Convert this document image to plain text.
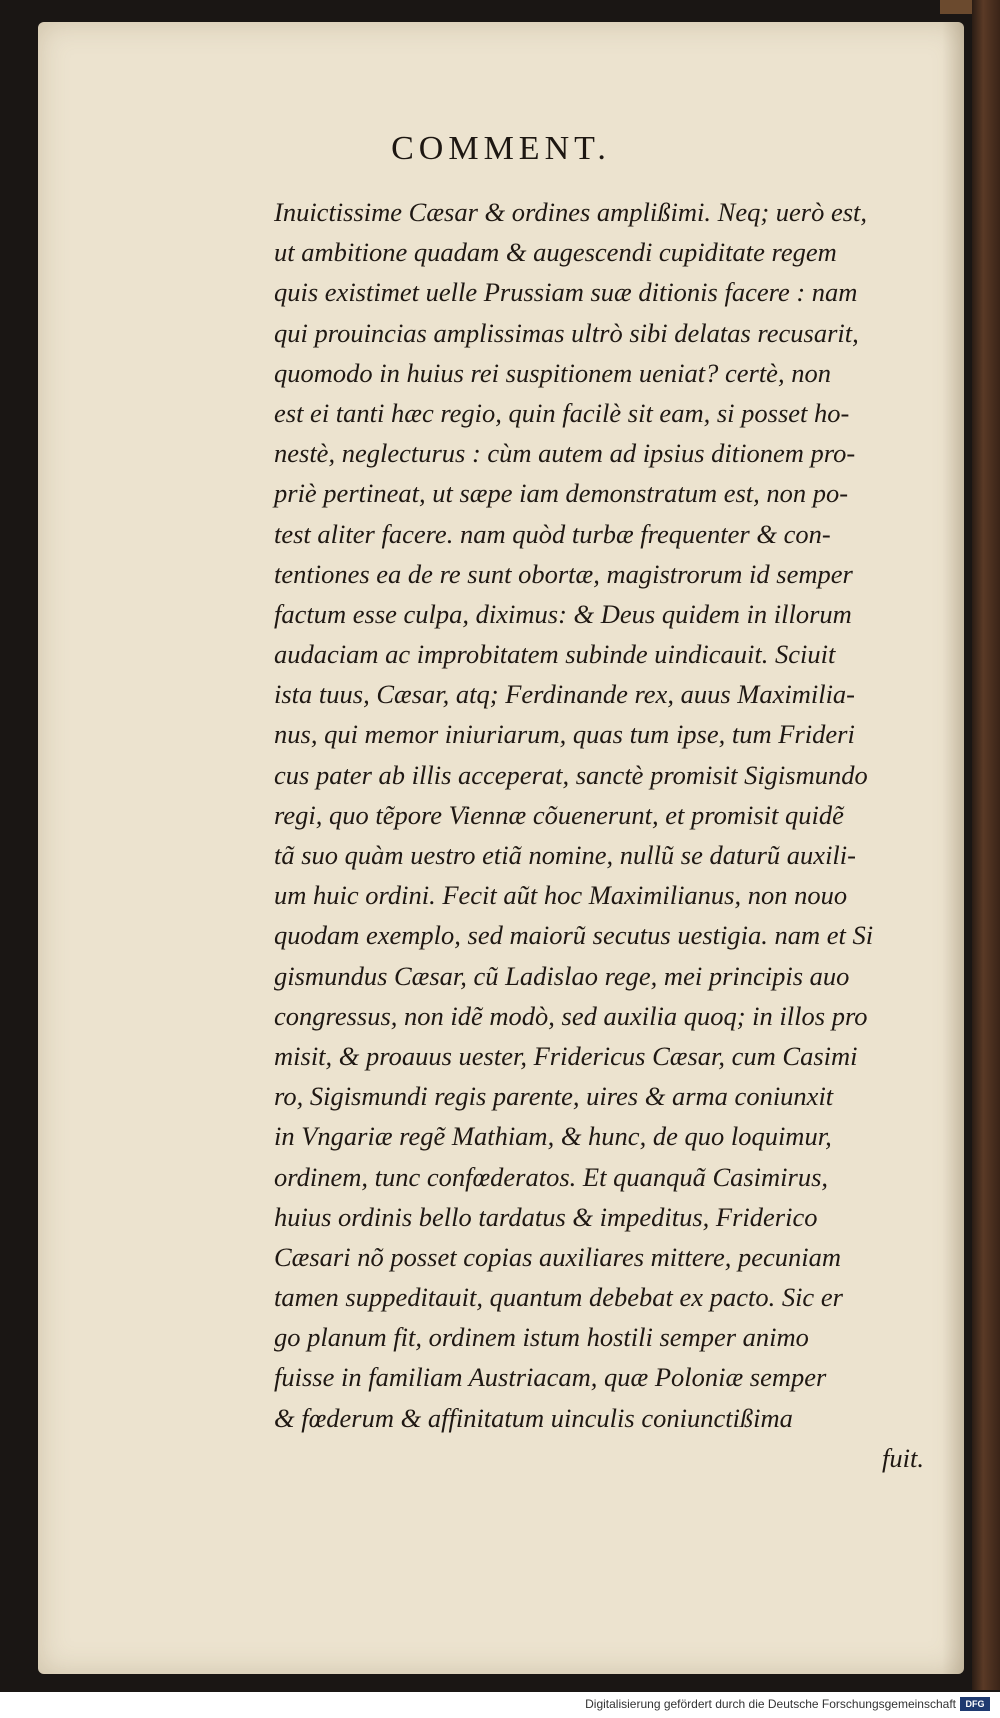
COMMENT.
Inuictissime Cæsar & ordines amplißimi. Neq; uerò est,
ut ambitione quadam & augescendi cupiditate regem
quis existimet uelle Prussiam suæ ditionis facere : nam
qui prouincias amplissimas ultrò sibi delatas recusarit,
quomodo in huius rei suspitionem ueniat? certè, non
est ei tanti hæc regio, quin facilè sit eam, si posset ho-
nestè, neglecturus : cùm autem ad ipsius ditionem pro-
priè pertineat, ut sæpe iam demonstratum est, non po-
test aliter facere. nam quòd turbæ frequenter & con-
tentiones ea de re sunt obortæ, magistrorum id semper
factum esse culpa, diximus: & Deus quidem in illorum
audaciam ac improbitatem subinde uindicauit. Sciuit
ista tuus, Cæsar, atq; Ferdinande rex, auus Maximilia-
nus, qui memor iniuriarum, quas tum ipse, tum Frideri
cus pater ab illis acceperat, sanctè promisit Sigismundo
regi, quo tẽpore Viennæ cõuenerunt, et promisit quidẽ
tã suo quàm uestro etiã nomine, nullũ se daturũ auxili-
um huic ordini. Fecit aũt hoc Maximilianus, non nouo
quodam exemplo, sed maiorũ secutus uestigia. nam et Si
gismundus Cæsar, cũ Ladislao rege, mei principis auo
congressus, non idẽ modò, sed auxilia quoq; in illos pro
misit, & proauus uester, Fridericus Cæsar, cum Casimi
ro, Sigismundi regis parente, uires & arma coniunxit
in Vngariæ regẽ Mathiam, & hunc, de quo loquimur,
ordinem, tunc confœderatos. Et quanquã Casimirus,
huius ordinis bello tardatus & impeditus, Friderico
Cæsari nõ posset copias auxiliares mittere, pecuniam
tamen suppeditauit, quantum debebat ex pacto. Sic er
go planum fit, ordinem istum hostili semper animo
fuisse in familiam Austriacam, quæ Poloniæ semper
& fœderum & affinitatum uinculis coniunctißima
fuit.
Digitalisierung gefördert durch die Deutsche Forschungsgemeinschaft	DFG
